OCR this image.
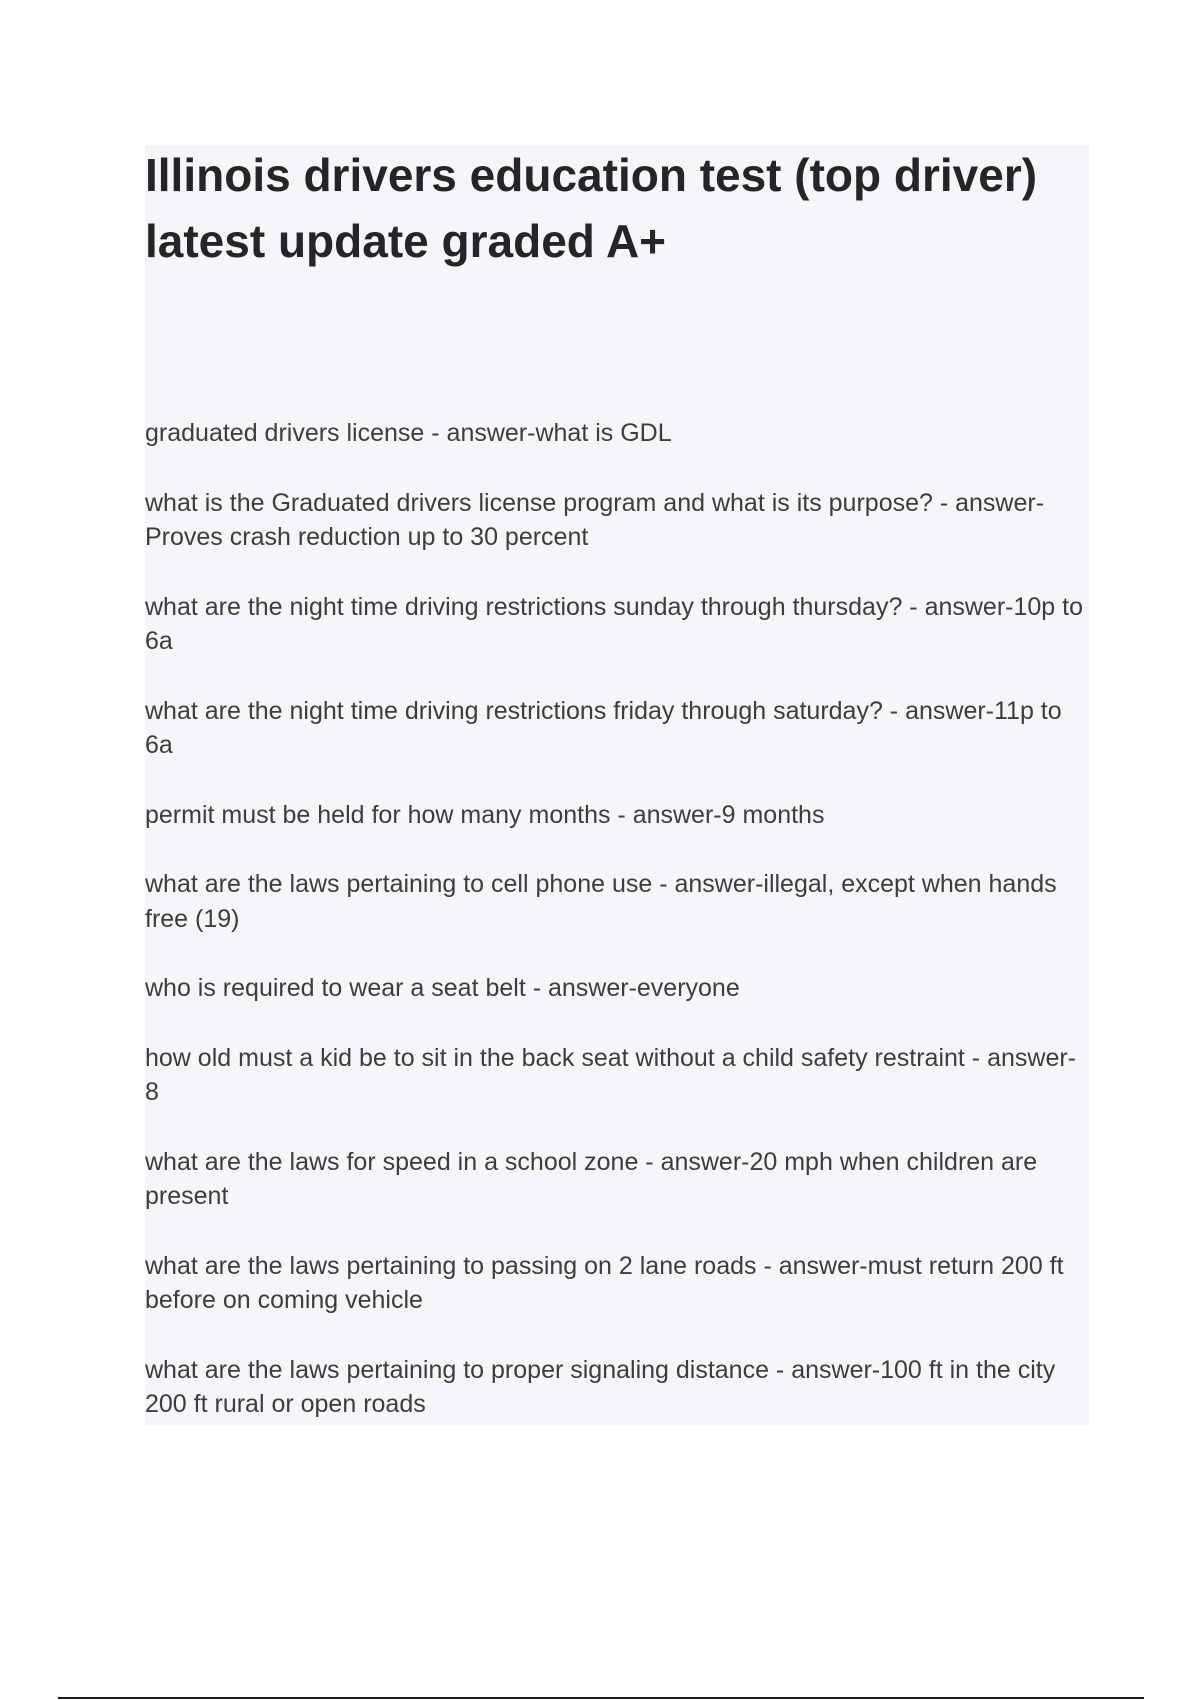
Illinois drivers education test (top driver) latest update graded A+

graduated drivers license - answer-what is GDL

what is the Graduated drivers license program and what is its purpose? - answer-Proves crash reduction up to 30 percent

what are the night time driving restrictions sunday through thursday? - answer-10p to 6a

what are the night time driving restrictions friday through saturday? - answer-11p to 6a

permit must be held for how many months - answer-9 months

what are the laws pertaining to cell phone use - answer-illegal, except when hands free (19)

who is required to wear a seat belt - answer-everyone

how old must a kid be to sit in the back seat without a child safety restraint - answer-8

what are the laws for speed in a school zone - answer-20 mph when children are present

what are the laws pertaining to passing on 2 lane roads - answer-must return 200 ft before on coming vehicle

what are the laws pertaining to proper signaling distance - answer-100 ft in the city 200 ft rural or open roads
